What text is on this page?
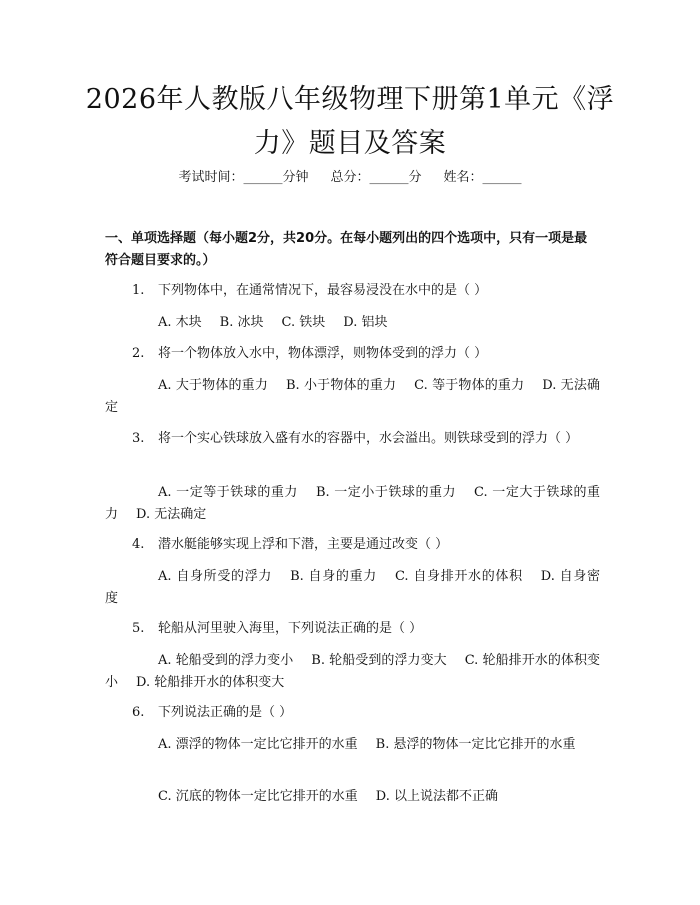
2026年人教版八年级物理下册第1单元《浮力》题目及答案
考试时间：______分钟 总分：______分 姓名：______
一、单项选择题（每小题2分，共20分。在每小题列出的四个选项中，只有一项是最符合题目要求的。）
1. 下列物体中，在通常情况下，最容易浸没在水中的是（ ）
A. 木块 B. 冰块 C. 铁块 D. 铝块
2. 将一个物体放入水中，物体漂浮，则物体受到的浮力（ ）
A. 大于物体的重力 B. 小于物体的重力 C. 等于物体的重力 D. 无法确定
3. 将一个实心铁球放入盛有水的容器中，水会溢出。则铁球受到的浮力（ ）
A. 一定等于铁球的重力 B. 一定小于铁球的重力 C. 一定大于铁球的重力 D. 无法确定
4. 潜水艇能够实现上浮和下潜，主要是通过改变（ ）
A. 自身所受的浮力 B. 自身的重力 C. 自身排开水的体积 D. 自身密度
5. 轮船从河里驶入海里，下列说法正确的是（ ）
A. 轮船受到的浮力变小 B. 轮船受到的浮力变大 C. 轮船排开水的体积变小 D. 轮船排开水的体积变大
6. 下列说法正确的是（ ）
A. 漂浮的物体一定比它排开的水重 B. 悬浮的物体一定比它排开的水重
C. 沉底的物体一定比它排开的水重 D. 以上说法都不正确
